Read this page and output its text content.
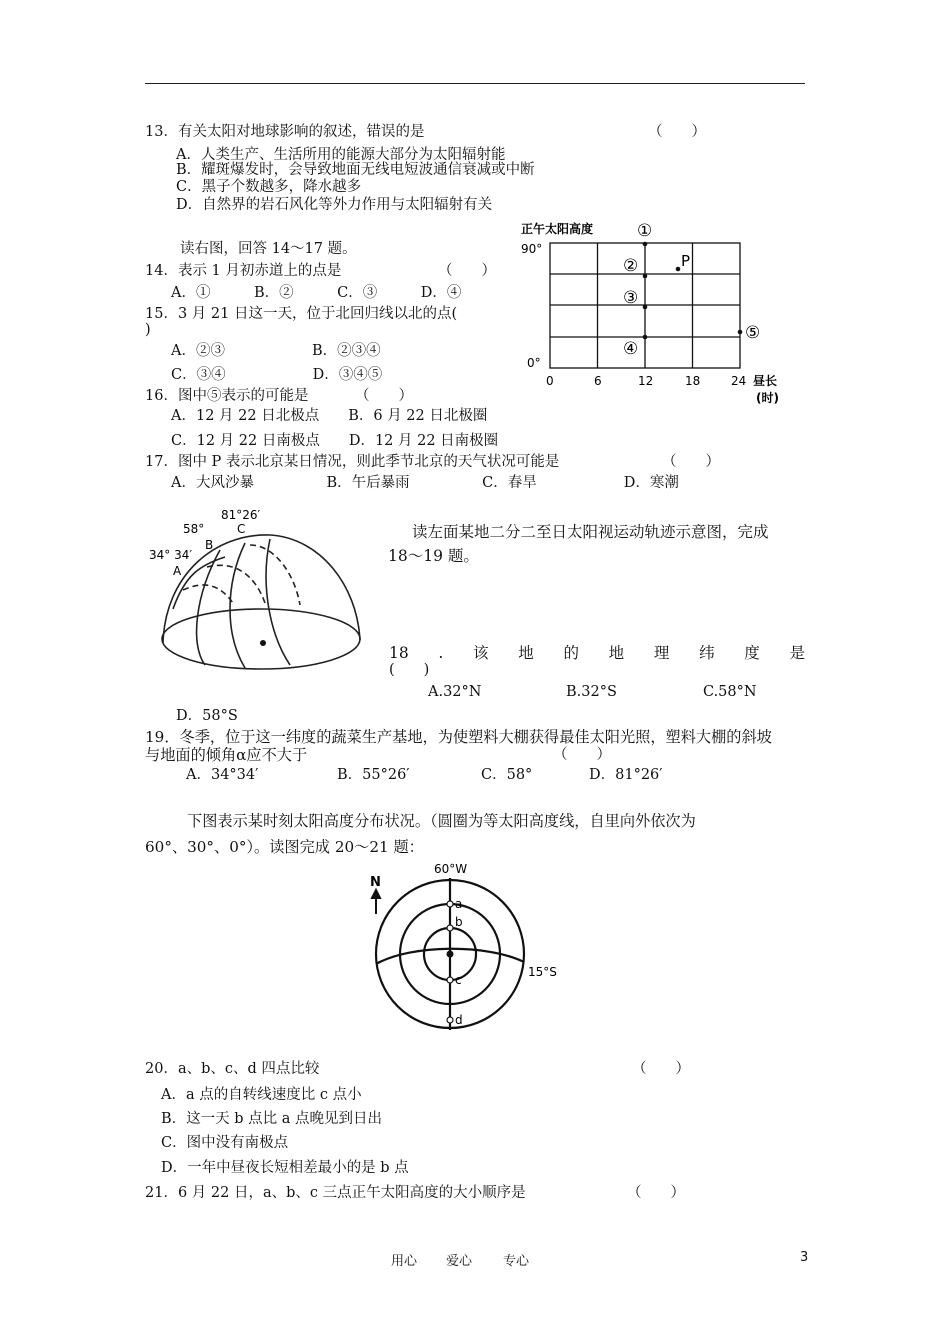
13．有关太阳对地球影响的叙述，错误的是	（　　）
A．人类生产、生活所用的能源大部分为太阳辐射能
B．耀斑爆发时，会导致地面无线电短波通信衰减或中断
C．黑子个数越多，降水越多
D．自然界的岩石风化等外力作用与太阳辐射有关
读右图，回答 14～17 题。
14．表示 1 月初赤道上的点是	（　　）
A．①　　　B．②　　　C．③　　　D．④
15．3 月 21 日这一天，位于北回归线以北的点(
)
A．②③　　　　　　B．②③④
C．③④　　　　　　D．③④⑤
16．图中⑤表示的可能是	（　　）
A．12 月 22 日北极点　　B．6 月 22 日北极圈
C．12 月 22 日南极点　　D．12 月 22 日南极圈
17．图中 P 表示北京某日情况，则此季节北京的天气状况可能是	（　　）
A．大风沙暴　　　　　B．午后暴雨　　　　　C．春旱　　　　　　D．寒潮
正午太阳高度
90°
0°
0	6	12	18	24 昼长
(时)
①
②
③
④
⑤
P
81°26′
58°
34° 34′
C
B
A
读左面某地二分二至日太阳视运动轨迹示意图，完成
18～19 题。
18 . 该 地 的 地 理 纬 度 是
(　　)
A.32°N	B.32°S	C.58°N
D．58°S
19．冬季，位于这一纬度的蔬菜生产基地，为使塑料大棚获得最佳太阳光照，塑料大棚的斜坡
与地面的倾角α应不大于	（　　）
A．34°34′	B．55°26′	C．58°	D．81°26′
下图表示某时刻太阳高度分布状况。（圆圈为等太阳高度线，自里向外依次为
60°、30°、0°）。读图完成 20～21 题：
a
b
c
d
60°W
15°S
N
20．a、b、c、d 四点比较	（　　）
A．a 点的自转线速度比 c 点小
B．这一天 b 点比 a 点晚见到日出
C．图中没有南极点
D．一年中昼夜长短相差最小的是 b 点
21．6 月 22 日，a、b、c 三点正午太阳高度的大小顺序是	（　　）
用心 爱心 专心	3
